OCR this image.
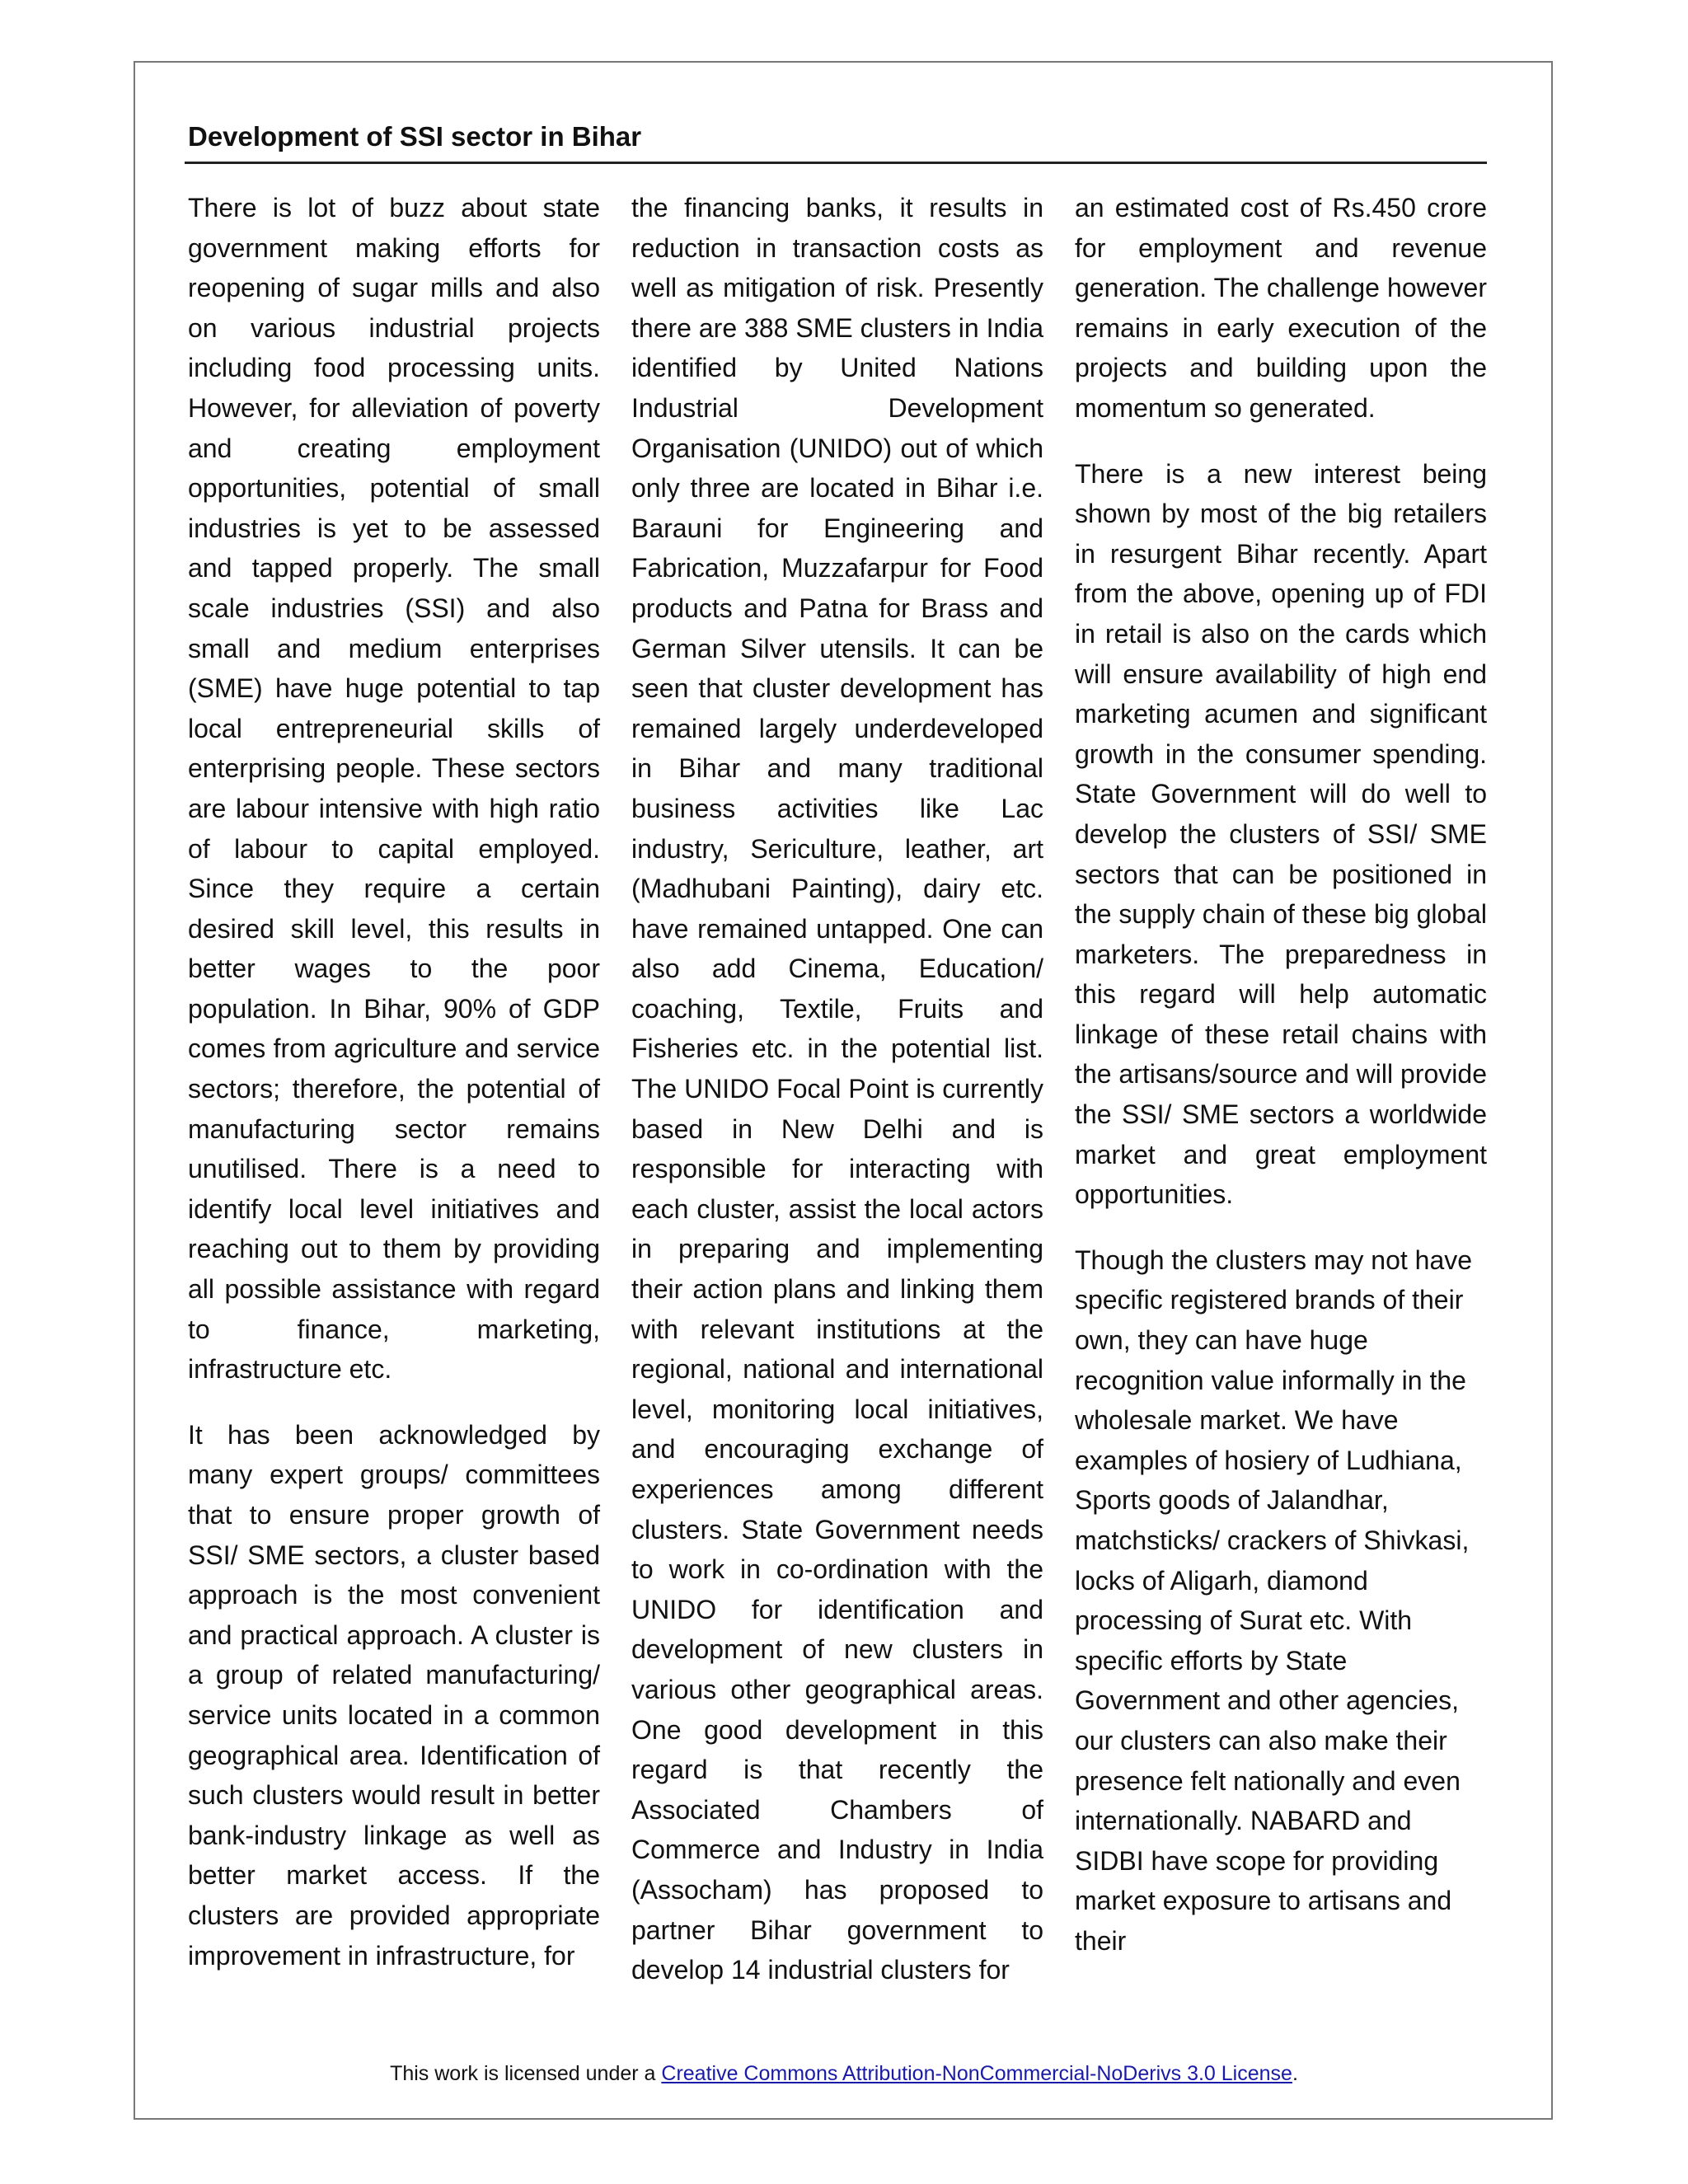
Development of SSI sector in Bihar

There is lot of buzz about state government making efforts for reopening of sugar mills and also on various industrial projects including food processing units. However, for alleviation of poverty and creating employment opportunities, potential of small industries is yet to be assessed and tapped properly. The small scale industries (SSI) and also small and medium enterprises (SME) have huge potential to tap local entrepreneurial skills of enterprising people. These sectors are labour intensive with high ratio of labour to capital employed. Since they require a certain desired skill level, this results in better wages to the poor population. In Bihar, 90% of GDP comes from agriculture and service sectors; therefore, the potential of manufacturing sector remains unutilised. There is a need to identify local level initiatives and reaching out to them by providing all possible assistance with regard to finance, marketing, infrastructure etc.

It has been acknowledged by many expert groups/ committees that to ensure proper growth of SSI/ SME sectors, a cluster based approach is the most convenient and practical approach. A cluster is a group of related manufacturing/ service units located in a common geographical area. Identification of such clusters would result in better bank-industry linkage as well as better market access. If the clusters are provided appropriate improvement in infrastructure, for

the financing banks, it results in reduction in transaction costs as well as mitigation of risk. Presently there are 388 SME clusters in India identified by United Nations Industrial Development Organisation (UNIDO) out of which only three are located in Bihar i.e. Barauni for Engineering and Fabrication, Muzzafarpur for Food products and Patna for Brass and German Silver utensils. It can be seen that cluster development has remained largely underdeveloped in Bihar and many traditional business activities like Lac industry, Sericulture, leather, art (Madhubani Painting), dairy etc. have remained untapped. One can also add Cinema, Education/ coaching, Textile, Fruits and Fisheries etc. in the potential list. The UNIDO Focal Point is currently based in New Delhi and is responsible for interacting with each cluster, assist the local actors in preparing and implementing their action plans and linking them with relevant institutions at the regional, national and international level, monitoring local initiatives, and encouraging exchange of experiences among different clusters. State Government needs to work in co-ordination with the UNIDO for identification and development of new clusters in various other geographical areas. One good development in this regard is that recently the Associated Chambers of Commerce and Industry in India (Assocham) has proposed to partner Bihar government to develop 14 industrial clusters for

an estimated cost of Rs.450 crore for employment and revenue generation. The challenge however remains in early execution of the projects and building upon the momentum so generated.

There is a new interest being shown by most of the big retailers in resurgent Bihar recently. Apart from the above, opening up of FDI in retail is also on the cards which will ensure availability of high end marketing acumen and significant growth in the consumer spending. State Government will do well to develop the clusters of SSI/ SME sectors that can be positioned in the supply chain of these big global marketers. The preparedness in this regard will help automatic linkage of these retail chains with the artisans/source and will provide the SSI/ SME sectors a worldwide market and great employment opportunities.

Though the clusters may not have specific registered brands of their own, they can have huge recognition value informally in the wholesale market. We have examples of hosiery of Ludhiana, Sports goods of Jalandhar, matchsticks/ crackers of Shivkasi, locks of Aligarh, diamond processing of Surat etc. With specific efforts by State Government and other agencies, our clusters can also make their presence felt nationally and even internationally. NABARD and SIDBI have scope for providing market exposure to artisans and their

This work is licensed under a Creative Commons Attribution-NonCommercial-NoDerivs 3.0 License.
